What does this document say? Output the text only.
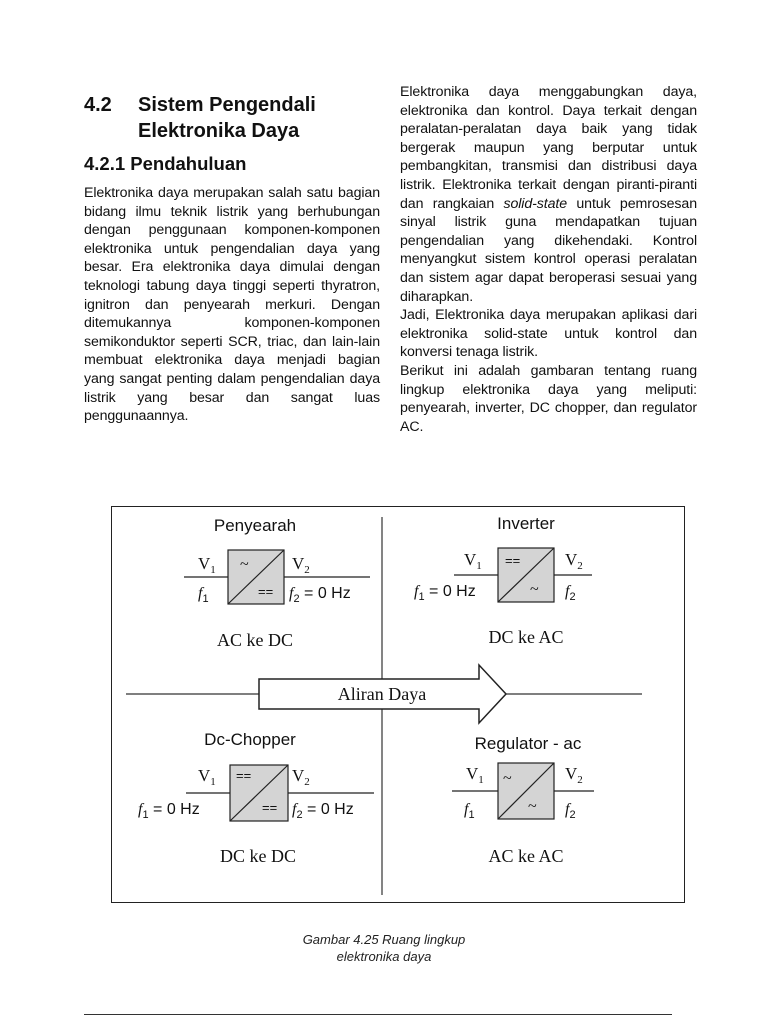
4.2	Sistem Pengendali
Elektronika Daya
4.2.1 Pendahuluan

Elektronika daya merupakan salah satu bagian bidang ilmu teknik listrik yang berhubungan dengan penggunaan komponen-komponen elektronika untuk pengendalian daya yang besar. Era elektronika daya dimulai dengan teknologi tabung daya tinggi seperti thyratron, ignitron dan penyearah merkuri. Dengan ditemukannya komponen-komponen semikonduktor seperti SCR, triac, dan lain-lain membuat elektronika daya menjadi bagian yang sangat penting dalam pengendalian daya listrik yang besar dan sangat luas penggunaannya.

Elektronika daya menggabungkan daya, elektronika dan kontrol. Daya terkait dengan peralatan-peralatan daya baik yang tidak bergerak maupun yang berputar untuk pembangkitan, transmisi dan distribusi daya listrik. Elektronika terkait dengan piranti-piranti dan rangkaian solid-state untuk pemrosesan sinyal listrik guna mendapatkan tujuan pengendalian yang dikehendaki. Kontrol menyangkut sistem kontrol operasi peralatan dan sistem agar dapat beroperasi sesuai yang diharapkan.

Jadi, Elektronika daya merupakan aplikasi dari elektronika solid-state untuk kontrol dan konversi tenaga listrik.

Berikut ini adalah gambaran tentang ruang lingkup elektronika daya yang meliputi: penyearah, inverter, DC chopper, dan regulator AC.

Aliran Daya
Penyearah
~
==
$V_1$
$f_1$
$V_2$
$f_2 = 0$ Hz
AC ke DC
Inverter
==
~
$V_1$
$f_1 = 0$ Hz
$V_2$
$f_2$
DC ke AC
Dc-Chopper
==
==
$V_1$
$f_1 = 0$ Hz
$V_2$
$f_2 = 0$ Hz
DC ke DC
Regulator - ac
~
~
$V_1$
$f_1$
$V_2$
$f_2$
AC ke AC
Gambar 4.25 Ruang lingkup
elektronika daya
